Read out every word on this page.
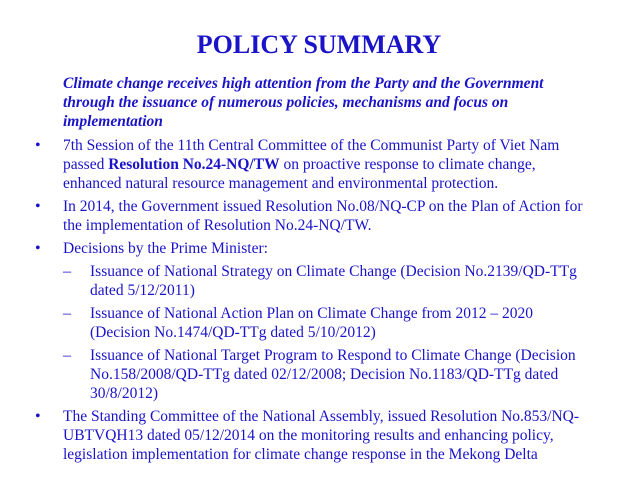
POLICY SUMMARY
Climate change receives high attention from the Party and the Government
through the issuance of numerous policies, mechanisms and focus on
implementation
• 7th Session of the 11th Central Committee of the Communist Party of Viet Nam
passed Resolution No.24-NQ/TW on proactive response to climate change,
enhanced natural resource management and environmental protection.
• In 2014, the Government issued Resolution No.08/NQ-CP on the Plan of Action for
the implementation of Resolution No.24-NQ/TW.
• Decisions by the Prime Minister:
– Issuance of National Strategy on Climate Change (Decision No.2139/QD-TTg
dated 5/12/2011)
– Issuance of National Action Plan on Climate Change from 2012 – 2020
(Decision No.1474/QD-TTg dated 5/10/2012)
– Issuance of National Target Program to Respond to Climate Change (Decision
No.158/2008/QD-TTg dated 02/12/2008; Decision No.1183/QD-TTg dated
30/8/2012)
• The Standing Committee of the National Assembly, issued Resolution No.853/NQ-
UBTVQH13 dated 05/12/2014 on the monitoring results and enhancing policy,
legislation implementation for climate change response in the Mekong Delta
